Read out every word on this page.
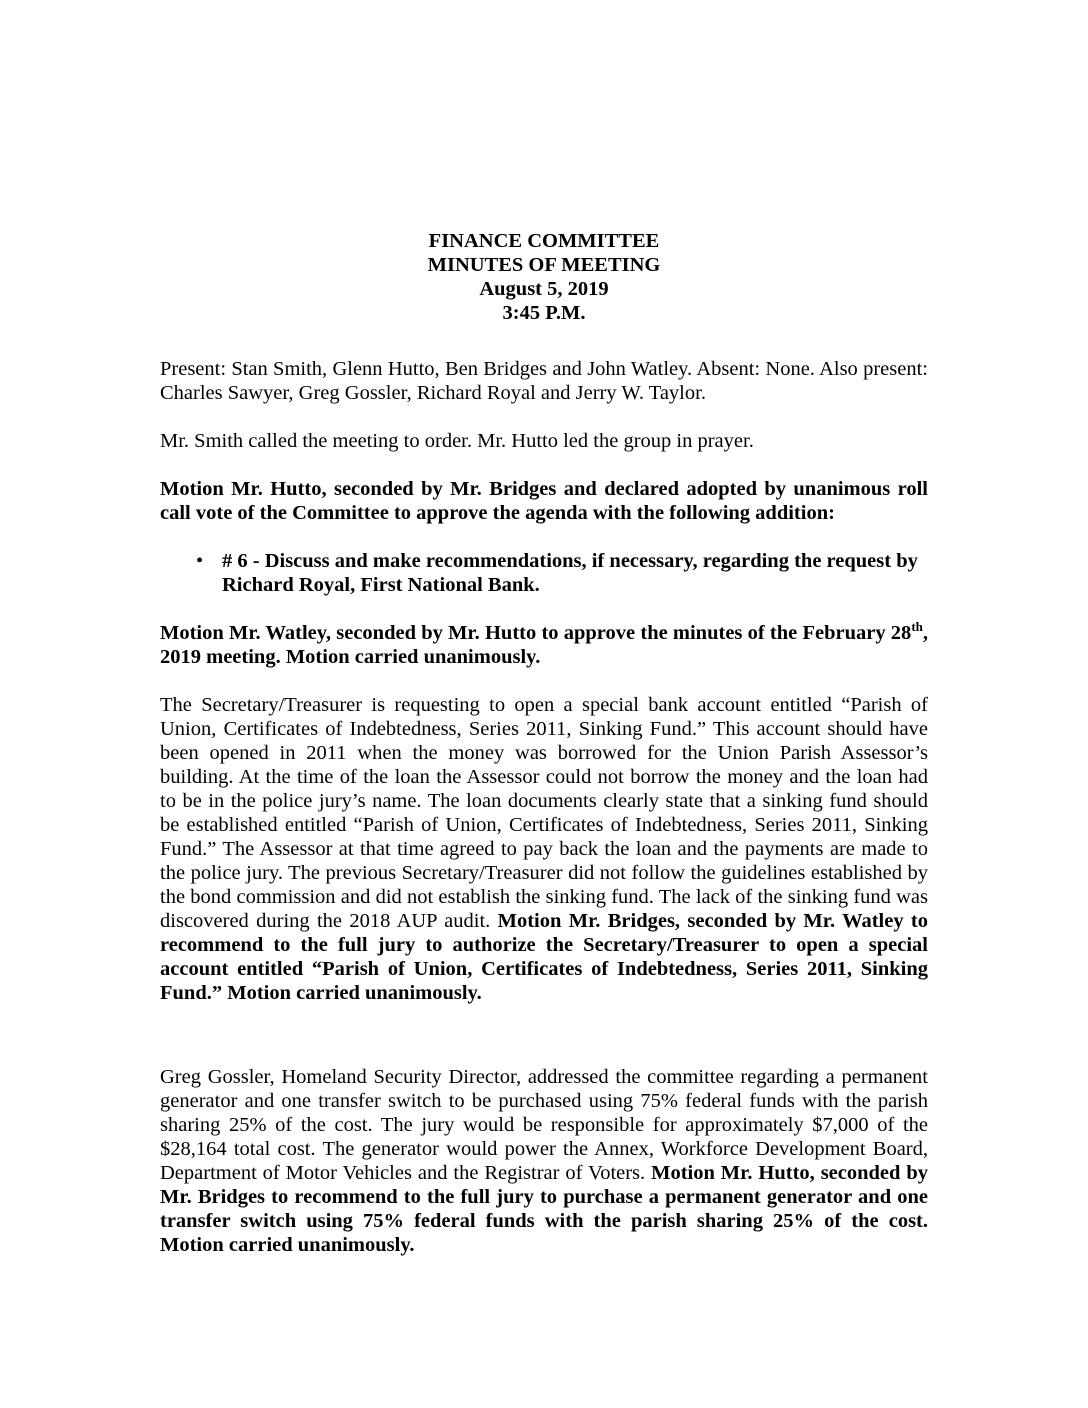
FINANCE COMMITTEE
MINUTES OF MEETING
August 5, 2019
3:45 P.M.

Present: Stan Smith, Glenn Hutto, Ben Bridges and John Watley. Absent: None. Also present: Charles Sawyer, Greg Gossler, Richard Royal and Jerry W. Taylor.

Mr. Smith called the meeting to order. Mr. Hutto led the group in prayer.

Motion Mr. Hutto, seconded by Mr. Bridges and declared adopted by unanimous roll call vote of the Committee to approve the agenda with the following addition:

• # 6 - Discuss and make recommendations, if necessary, regarding the request by Richard Royal, First National Bank.

Motion Mr. Watley, seconded by Mr. Hutto to approve the minutes of the February 28th, 2019 meeting. Motion carried unanimously.

The Secretary/Treasurer is requesting to open a special bank account entitled “Parish of Union, Certificates of Indebtedness, Series 2011, Sinking Fund.” This account should have been opened in 2011 when the money was borrowed for the Union Parish Assessor’s building. At the time of the loan the Assessor could not borrow the money and the loan had to be in the police jury’s name. The loan documents clearly state that a sinking fund should be established entitled “Parish of Union, Certificates of Indebtedness, Series 2011, Sinking Fund.” The Assessor at that time agreed to pay back the loan and the payments are made to the police jury. The previous Secretary/Treasurer did not follow the guidelines established by the bond commission and did not establish the sinking fund. The lack of the sinking fund was discovered during the 2018 AUP audit. Motion Mr. Bridges, seconded by Mr. Watley to recommend to the full jury to authorize the Secretary/Treasurer to open a special account entitled “Parish of Union, Certificates of Indebtedness, Series 2011, Sinking Fund.” Motion carried unanimously.

Greg Gossler, Homeland Security Director, addressed the committee regarding a permanent generator and one transfer switch to be purchased using 75% federal funds with the parish sharing 25% of the cost. The jury would be responsible for approximately $7,000 of the $28,164 total cost. The generator would power the Annex, Workforce Development Board, Department of Motor Vehicles and the Registrar of Voters. Motion Mr. Hutto, seconded by Mr. Bridges to recommend to the full jury to purchase a permanent generator and one transfer switch using 75% federal funds with the parish sharing 25% of the cost. Motion carried unanimously.
